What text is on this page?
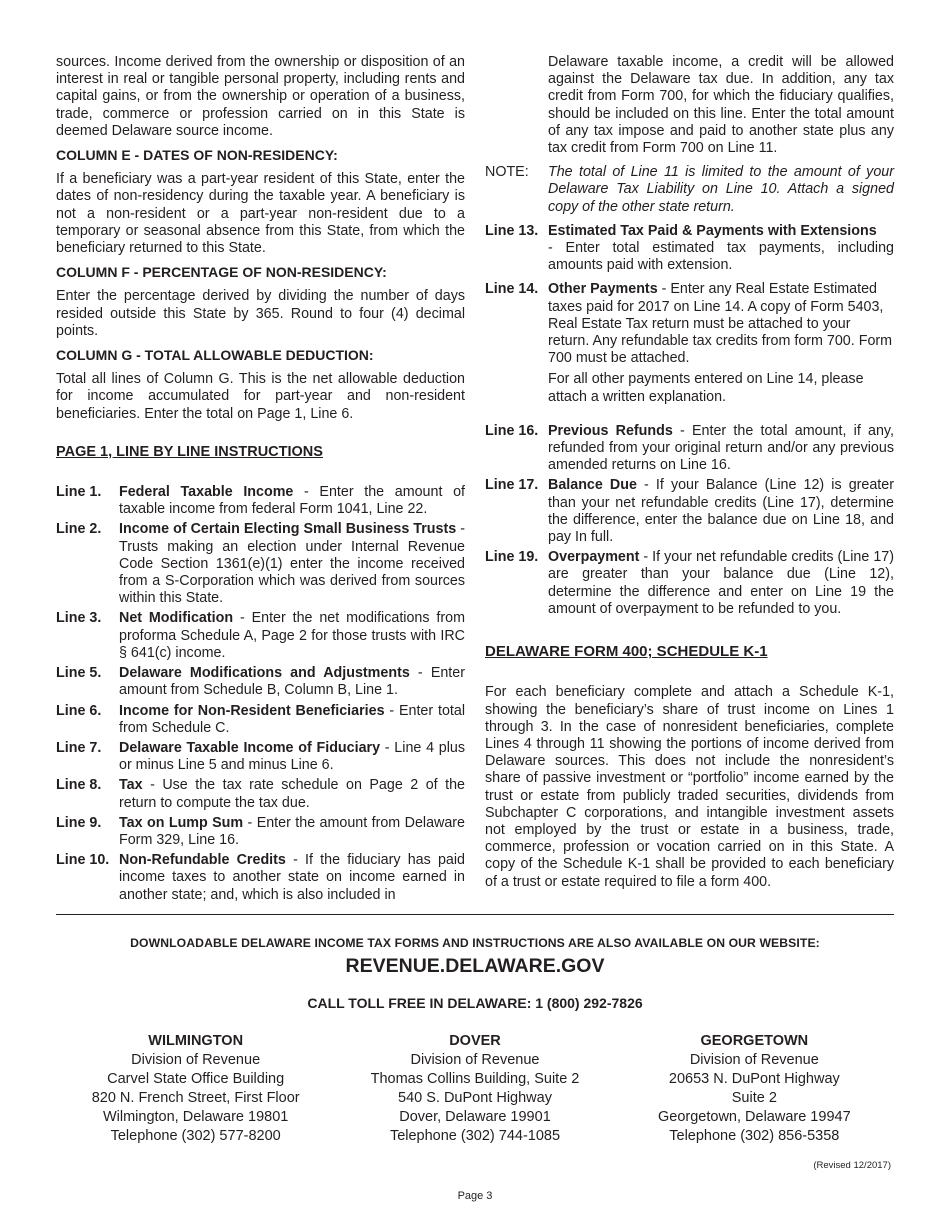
sources. Income derived from the ownership or disposition of an interest in real or tangible personal property, including rents and capital gains, or from the ownership or operation of a business, trade, commerce or profession carried on in this State is deemed Delaware source income.

COLUMN E - DATES OF NON-RESIDENCY:

If a beneficiary was a part-year resident of this State, enter the dates of non-residency during the taxable year. A beneficiary is not a non-resident or a part-year non-resident due to a temporary or seasonal absence from this State, from which the beneficiary returned to this State.

COLUMN F - PERCENTAGE OF NON-RESIDENCY:

Enter the percentage derived by dividing the number of days resided outside this State by 365. Round to four (4) decimal points.

COLUMN G - TOTAL ALLOWABLE DEDUCTION:

Total all lines of Column G. This is the net allowable deduction for income accumulated for part-year and non-resident beneficiaries. Enter the total on Page 1, Line 6.

PAGE 1, LINE BY LINE INSTRUCTIONS

Line 1.	Federal Taxable Income - Enter the amount of taxable income from federal Form 1041, Line 22.
Line 2.	Income of Certain Electing Small Business Trusts - Trusts making an election under Internal Revenue Code Section 1361(e)(1) enter the income received from a S-Corporation which was derived from sources within this State.
Line 3.	Net Modification - Enter the net modifications from proforma Schedule A, Page 2 for those trusts with IRC § 641(c) income.
Line 5.	Delaware Modifications and Adjustments - Enter amount from Schedule B, Column B, Line 1.
Line 6.	Income for Non-Resident Beneficiaries - Enter total from Schedule C.
Line 7.	Delaware Taxable Income of Fiduciary - Line 4 plus or minus Line 5 and minus Line 6.
Line 8.	Tax - Use the tax rate schedule on Page 2 of the return to compute the tax due.
Line 9.	Tax on Lump Sum - Enter the amount from Delaware Form 329, Line 16.
Line 10. Non-Refundable Credits - If the fiduciary has paid income taxes to another state on income earned in another state; and, which is also included in

Delaware taxable income, a credit will be allowed against the Delaware tax due. In addition, any tax credit from Form 700, for which the fiduciary qualifies, should be included on this line. Enter the total amount of any tax impose and paid to another state plus any tax credit from Form 700 on Line 11.

NOTE:	The total of Line 11 is limited to the amount of your Delaware Tax Liability on Line 10. Attach a signed copy of the other state return.
Line 13. Estimated Tax Paid & Payments with Extensions

- Enter total estimated tax payments, including amounts paid with extension.

Line 14. Other Payments - Enter any Real Estate Estimated taxes paid for 2017 on Line 14. A copy of Form 5403, Real Estate Tax return must be attached to your return. Any refundable tax credits from form 700. Form 700 must be attached.

For all other payments entered on Line 14, please attach a written explanation.

Line 16. Previous Refunds - Enter the total amount, if any, refunded from your original return and/or any previous amended returns on Line 16.
Line 17. Balance Due - If your Balance (Line 12) is greater than your net refundable credits (Line 17), determine the difference, enter the balance due on Line 18, and pay In full.
Line 19. Overpayment - If your net refundable credits (Line 17) are greater than your balance due (Line 12), determine the difference and enter on Line 19 the amount of overpayment to be refunded to you.

DELAWARE FORM 400; SCHEDULE K-1

For each beneficiary complete and attach a Schedule K-1, showing the beneficiary’s share of trust income on Lines 1 through 3. In the case of nonresident beneficiaries, complete Lines 4 through 11 showing the portions of income derived from Delaware sources. This does not include the nonresident’s share of passive investment or “portfolio” income earned by the trust or estate from publicly traded securities, dividends from Subchapter C corporations, and intangible investment assets not employed by the trust or estate in a business, trade, commerce, profession or vocation carried on in this State. A copy of the Schedule K-1 shall be provided to each beneficiary of a trust or estate required to file a form 400.

DOWNLOADABLE DELAWARE INCOME TAX FORMS AND INSTRUCTIONS ARE ALSO AVAILABLE ON OUR WEBSITE:
REVENUE.DELAWARE.GOV
CALL TOLL FREE IN DELAWARE: 1 (800) 292-7826
WILMINGTON
Division of Revenue
Carvel State Office Building
820 N. French Street, First Floor
Wilmington, Delaware 19801
Telephone (302) 577-8200
DOVER
Division of Revenue
Thomas Collins Building, Suite 2
540 S. DuPont Highway
Dover, Delaware 19901
Telephone (302) 744-1085
GEORGETOWN
Division of Revenue
20653 N. DuPont Highway
Suite 2
Georgetown, Delaware 19947
Telephone (302) 856-5358
(Revised 12/2017)
Page 3
